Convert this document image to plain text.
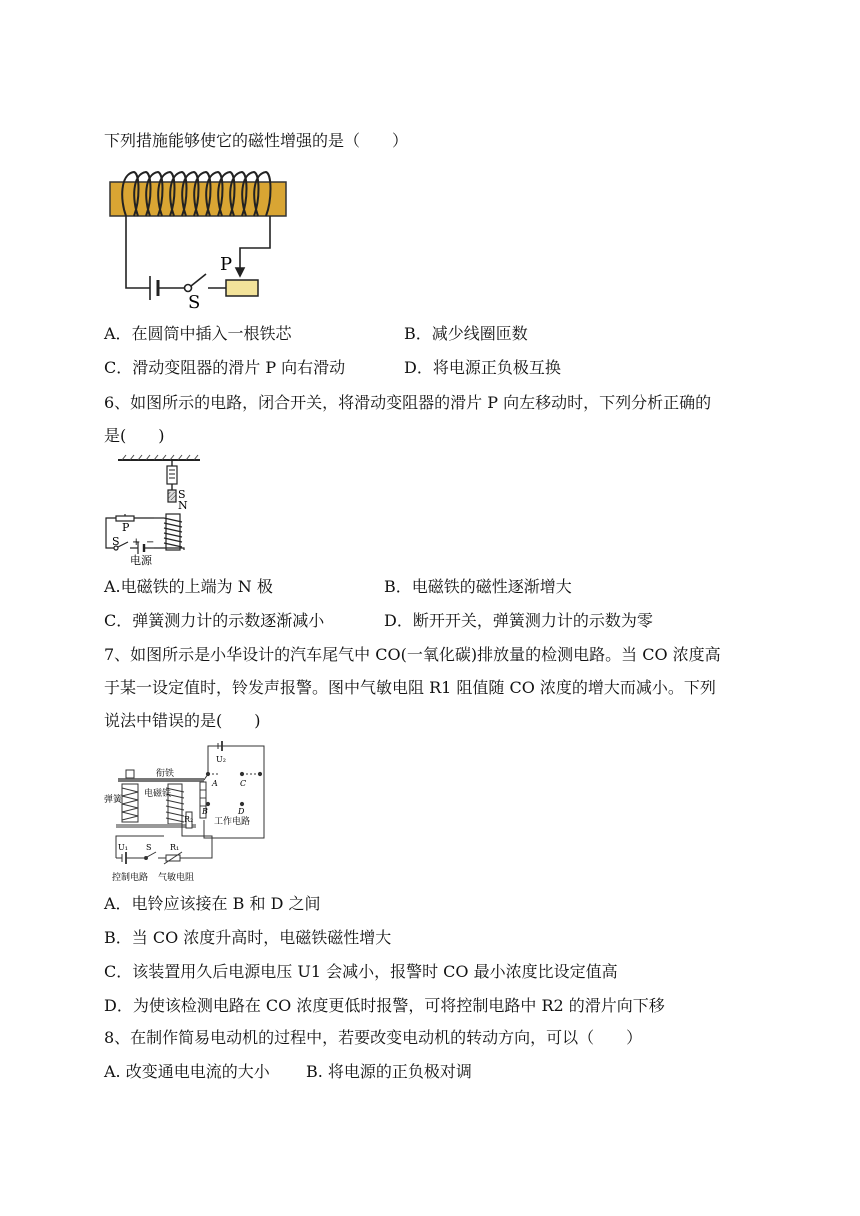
下列措施能够使它的磁性增强的是（　　）
P
S
A．在圆筒中插入一根铁芯	B．减少线圈匝数
C．滑动变阻器的滑片 P 向右滑动	D．将电源正负极互换
6、如图所示的电路，闭合开关，将滑动变阻器的滑片 P 向左移动时，下列分析正确的
是(　　)
S
N
P
S + −
电源
A.电磁铁的上端为 N 极	B．电磁铁的磁性逐渐增大
C．弹簧测力计的示数逐渐减小	D．断开开关，弹簧测力计的示数为零
7、如图所示是小华设计的汽车尾气中 CO(一氧化碳)排放量的检测电路。当 CO 浓度高
于某一设定值时，铃发声报警。图中气敏电阻 R1 阻值随 CO 浓度的增大而减小。下列
说法中错误的是(　　)
衔铁
U₂
A	C
B	D
工作电路
弹簧
电磁铁
R₂
U₁ S R₁
控制电路 气敏电阻
A．电铃应该接在 B 和 D 之间
B．当 CO 浓度升高时，电磁铁磁性增大
C．该装置用久后电源电压 U1 会减小，报警时 CO 最小浓度比设定值高
D．为使该检测电路在 CO 浓度更低时报警，可将控制电路中 R2 的滑片向下移
8、在制作简易电动机的过程中，若要改变电动机的转动方向，可以（　　）
A. 改变通电电流的大小 B. 将电源的正负极对调
